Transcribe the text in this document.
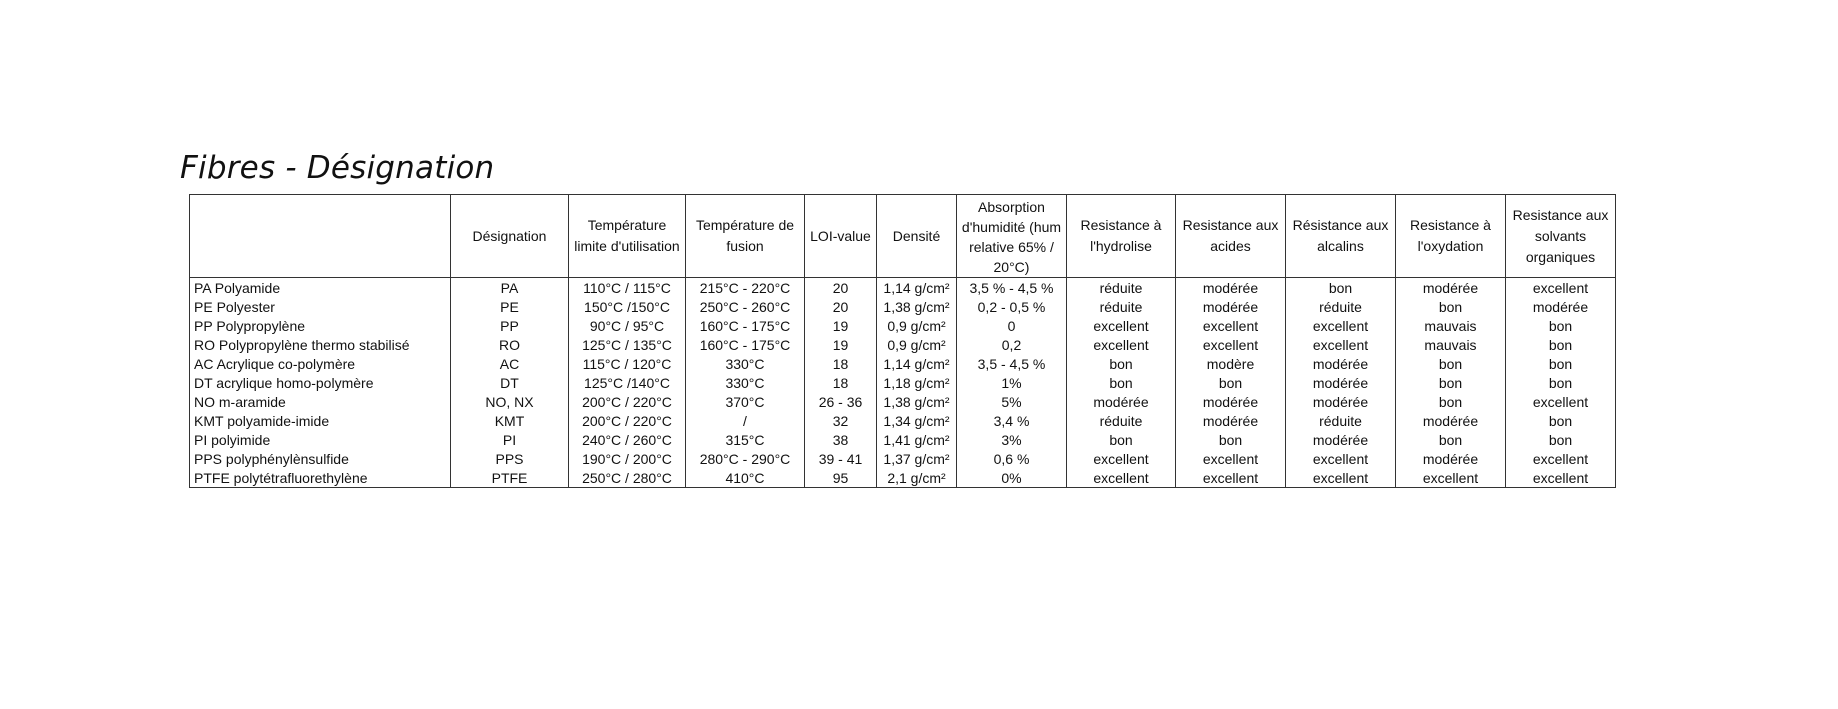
Fibres - Désignation
	Désignation	Température limite d'utilisation	Température de fusion	LOI-value	Densité	Absorption d'humidité (hum relative 65% / 20°C)	Resistance à l'hydrolise	Resistance aux acides	Résistance aux alcalins	Resistance à l'oxydation	Resistance aux solvants organiques
PA Polyamide	PA	110°C / 115°C	215°C - 220°C	20	1,14 g/cm²	3,5 % - 4,5 %	réduite	modérée	bon	modérée	excellent
PE Polyester	PE	150°C /150°C	250°C - 260°C	20	1,38 g/cm²	0,2 - 0,5 %	réduite	modérée	réduite	bon	modérée
PP Polypropylène	PP	90°C / 95°C	160°C - 175°C	19	0,9 g/cm²	0	excellent	excellent	excellent	mauvais	bon
RO Polypropylène thermo stabilisé	RO	125°C / 135°C	160°C - 175°C	19	0,9 g/cm²	0,2	excellent	excellent	excellent	mauvais	bon
AC Acrylique co-polymère	AC	115°C / 120°C	330°C	18	1,14 g/cm²	3,5 - 4,5 %	bon	modère	modérée	bon	bon
DT acrylique homo-polymère	DT	125°C /140°C	330°C	18	1,18 g/cm²	1%	bon	bon	modérée	bon	bon
NO m-aramide	NO, NX	200°C / 220°C	370°C	26 - 36	1,38 g/cm²	5%	modérée	modérée	modérée	bon	excellent
KMT polyamide-imide	KMT	200°C / 220°C	/	32	1,34 g/cm²	3,4 %	réduite	modérée	réduite	modérée	bon
PI polyimide	PI	240°C / 260°C	315°C	38	1,41 g/cm²	3%	bon	bon	modérée	bon	bon
PPS polyphénylènsulfide	PPS	190°C / 200°C	280°C - 290°C	39 - 41	1,37 g/cm²	0,6 %	excellent	excellent	excellent	modérée	excellent
PTFE polytétrafluorethylène	PTFE	250°C / 280°C	410°C	95	2,1 g/cm²	0%	excellent	excellent	excellent	excellent	excellent
